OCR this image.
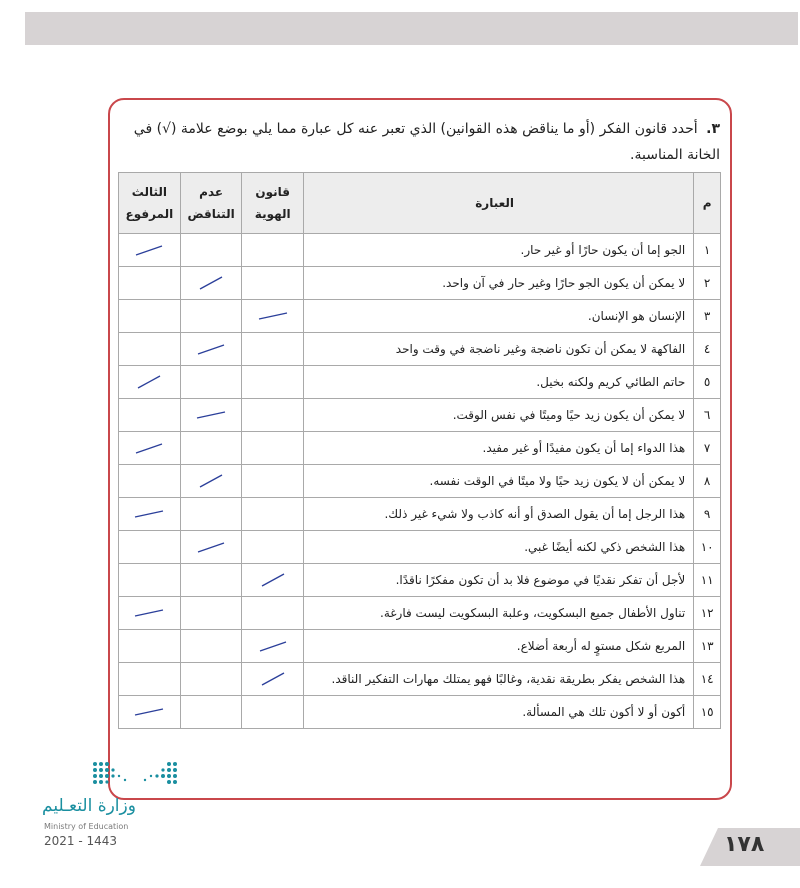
٣. أحدد قانون الفكر (أو ما يناقض هذه القوانين) الذي تعبر عنه كل عبارة مما يلي بوضع علامة (√) في الخانة المناسبة.
م	العبارة	قانون الهوية	عدم التناقض	الثالث المرفوع
١	الجو إما أن يكون حارًا أو غير حار.			

٢	لا يمكن أن يكون الجو حارًا وغير حار في آن واحد.		

٣	الإنسان هو الإنسان.	

٤	الفاكهة لا يمكن أن تكون ناضجة وغير ناضجة في وقت واحد		

٥	حاتم الطائي كريم ولكنه بخيل.			

٦	لا يمكن أن يكون زيد حيًا وميتًا في نفس الوقت.		

٧	هذا الدواء إما أن يكون مفيدًا أو غير مفيد.			

٨	لا يمكن أن لا يكون زيد حيًا ولا ميتًا في الوقت نفسه.		

٩	هذا الرجل إما أن يقول الصدق أو أنه كاذب ولا شيء غير ذلك.			

١٠	هذا الشخص ذكي لكنه أيضًا غبي.		

١١	لأجل أن تفكر نقديًا في موضوع فلا بد أن تكون مفكرًا ناقدًا.	

١٢	تناول الأطفال جميع البسكويت، وعلبة البسكويت ليست فارغة.			

١٣	المربع شكل مستوٍ له أربعة أضلاع.	

١٤	هذا الشخص يفكر بطريقة نقدية، وغالبًا فهو يمتلك مهارات التفكير الناقد.	

١٥	أكون أو لا أكون تلك هي المسألة.			
وزارة التعـليم
Ministry of Education
2021 - 1443	١٧٨
